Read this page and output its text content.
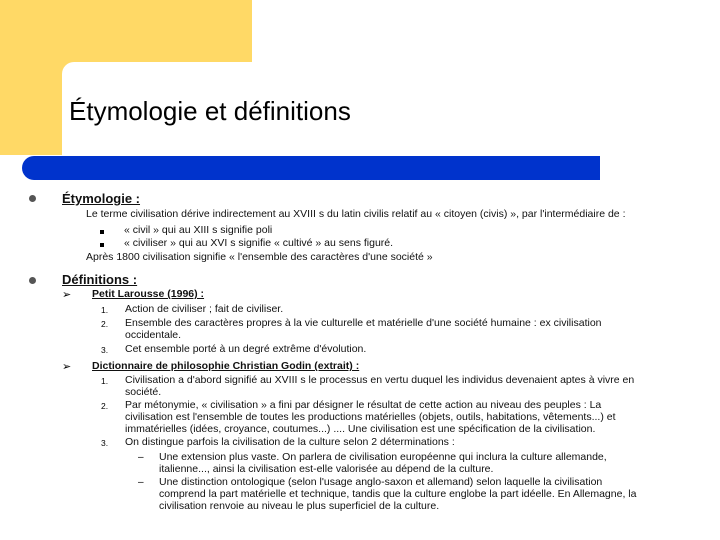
Étymologie et définitions
Étymologie :
Le terme civilisation dérive indirectement au XVIII s du latin civilis relatif au « citoyen (civis) », par l'intermédiaire de :
« civil » qui au XIII s signifie poli
« civiliser » qui au XVI s signifie « cultivé » au sens figuré.
Après 1800 civilisation signifie « l'ensemble des caractères d'une société »
Définitions :
➢ Petit Larousse (1996) :
1. Action de civiliser ; fait de civiliser.
2. Ensemble des caractères propres à la vie culturelle et matérielle d'une société humaine : ex civilisation
occidentale.
3. Cet ensemble porté à un degré extrême d'évolution.
➢ Dictionnaire de philosophie Christian Godin (extrait) :
1. Civilisation a d'abord signifié au XVIII s le processus en vertu duquel les individus devenaient aptes à vivre en
société.
2. Par métonymie, « civilisation » a fini par désigner le résultat de cette action au niveau des peuples : La
civilisation est l'ensemble de toutes les productions matérielles (objets, outils, habitations, vêtements...) et
immatérielles (idées, croyance, coutumes...) .... Une civilisation est une spécification de la civilisation.
3. On distingue parfois la civilisation de la culture selon 2 déterminations :
– Une extension plus vaste. On parlera de civilisation européenne qui inclura la culture allemande,
italienne..., ainsi la civilisation est-elle valorisée au dépend de la culture.
– Une distinction ontologique (selon l'usage anglo-saxon et allemand) selon laquelle la civilisation
comprend la part matérielle et technique, tandis que la culture englobe la part idéelle. En Allemagne, la
civilisation renvoie au niveau le plus superficiel de la culture.
